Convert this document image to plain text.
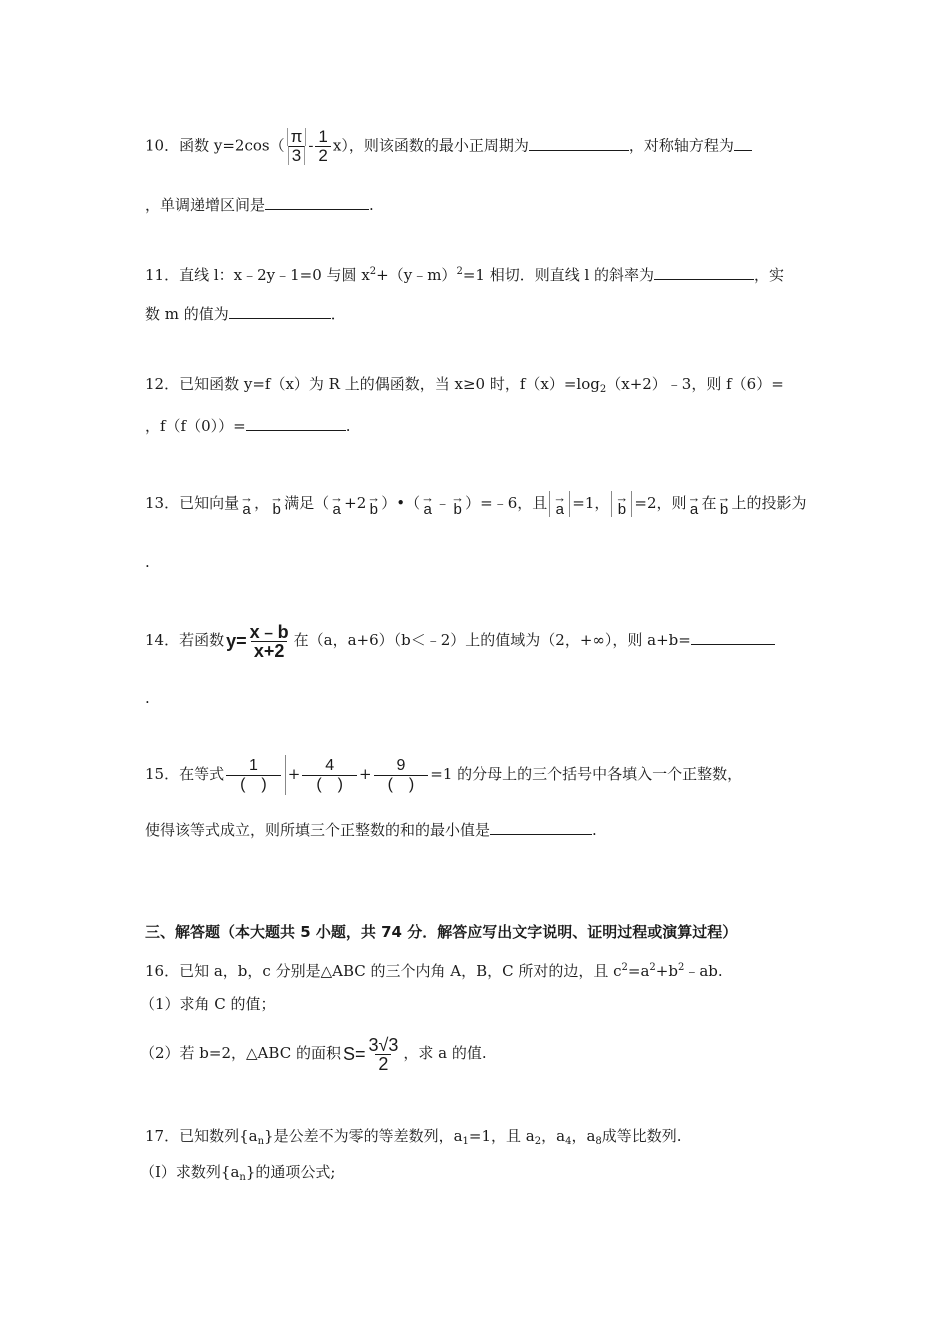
10．函数 $y=2\cos( \frac{\pi}{3} - \frac{1}{2} x)$，则该函数的最小正周期为	，对称轴方程为
，单调递增区间是	.
11．直线 l：x﹣2y﹣1=0 与圆 $x^2+(y﹣m)^2=1$ 相切．则直线 l 的斜率为	，实
数 m 的值为	．
12．已知函数 y=f（x）为 R 上的偶函数，当 x≥0 时，$f(x)=\log_2(x+2)﹣3$，则 f（6）=
，f（f（0））=	.
13．已知向量 →
a ， →
b 满足（ →
a +2 →
b ）•（ →
a ﹣ →
b ）=﹣6，且 →
a =1， →
b =2，则 →
a 在 →
b 上的投影为
.
14．若函数 $y= \frac{x﹣b}{x+2}$ 在（a，a+6）（b＜﹣2）上的值域为（2，+∞），则 a+b=
.
15．在等式 $\frac{1}{( )} + \frac{4}{( )} + \frac{9}{( )} =1$ 的分母上的三个括号中各填入一个正整数，
使得该等式成立，则所填三个正整数的和的最小值是	.
三、解答题（本大题共 5 小题，共 74 分．解答应写出文字说明、证明过程或演算过程）
16．已知 a，b，c 分别是△ABC 的三个内角 A，B，C 所对的边，且 $c^2=a^2+b^2﹣ab$.
（1）求角 C 的值；
（2）若 b=2，△ABC 的面积 $S= \frac{3√3}{2}$ ，求 a 的值.
17．已知数列$\{a_n\}$是公差不为零的等差数列，$a_1=1$，且 $a_2$，$a_4$，$a_8$成等比数列.
（Ⅰ）求数列$\{a_n\}$的通项公式;
